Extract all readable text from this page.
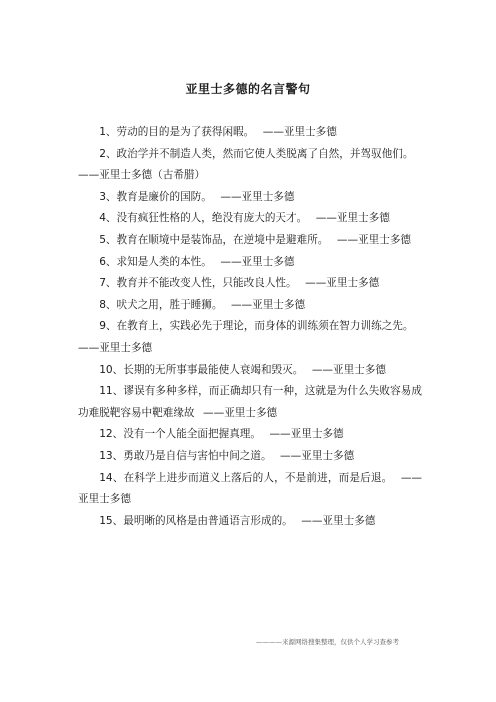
亚里士多德的名言警句
1、劳动的目的是为了获得闲暇。 ——亚里士多德
2、政治学并不制造人类，然而它使人类脱离了自然，并驾驭他们。——亚里士多德（古希腊）
3、教育是廉价的国防。 ——亚里士多德
4、没有疯狂性格的人，绝没有庞大的天才。 ——亚里士多德
5、教育在顺境中是装饰品，在逆境中是避难所。 ——亚里士多德
6、求知是人类的本性。 ——亚里士多德
7、教育并不能改变人性，只能改良人性。 ——亚里士多德
8、吠犬之用，胜于睡狮。 ——亚里士多德
9、在教育上，实践必先于理论，而身体的训练须在智力训练之先。——亚里士多德
10、长期的无所事事最能使人衰竭和毁灭。 ——亚里士多德
11、谬误有多种多样，而正确却只有一种，这就是为什么失败容易成功难脱靶容易中靶难缘故 ——亚里士多德
12、没有一个人能全面把握真理。 ——亚里士多德
13、勇敢乃是自信与害怕中间之道。 ——亚里士多德
14、在科学上进步而道义上落后的人，不是前进，而是后退。 ——亚里士多德
15、最明晰的风格是由普通语言形成的。 ——亚里士多德
————来源网络搜集整理，仅供个人学习查参考
